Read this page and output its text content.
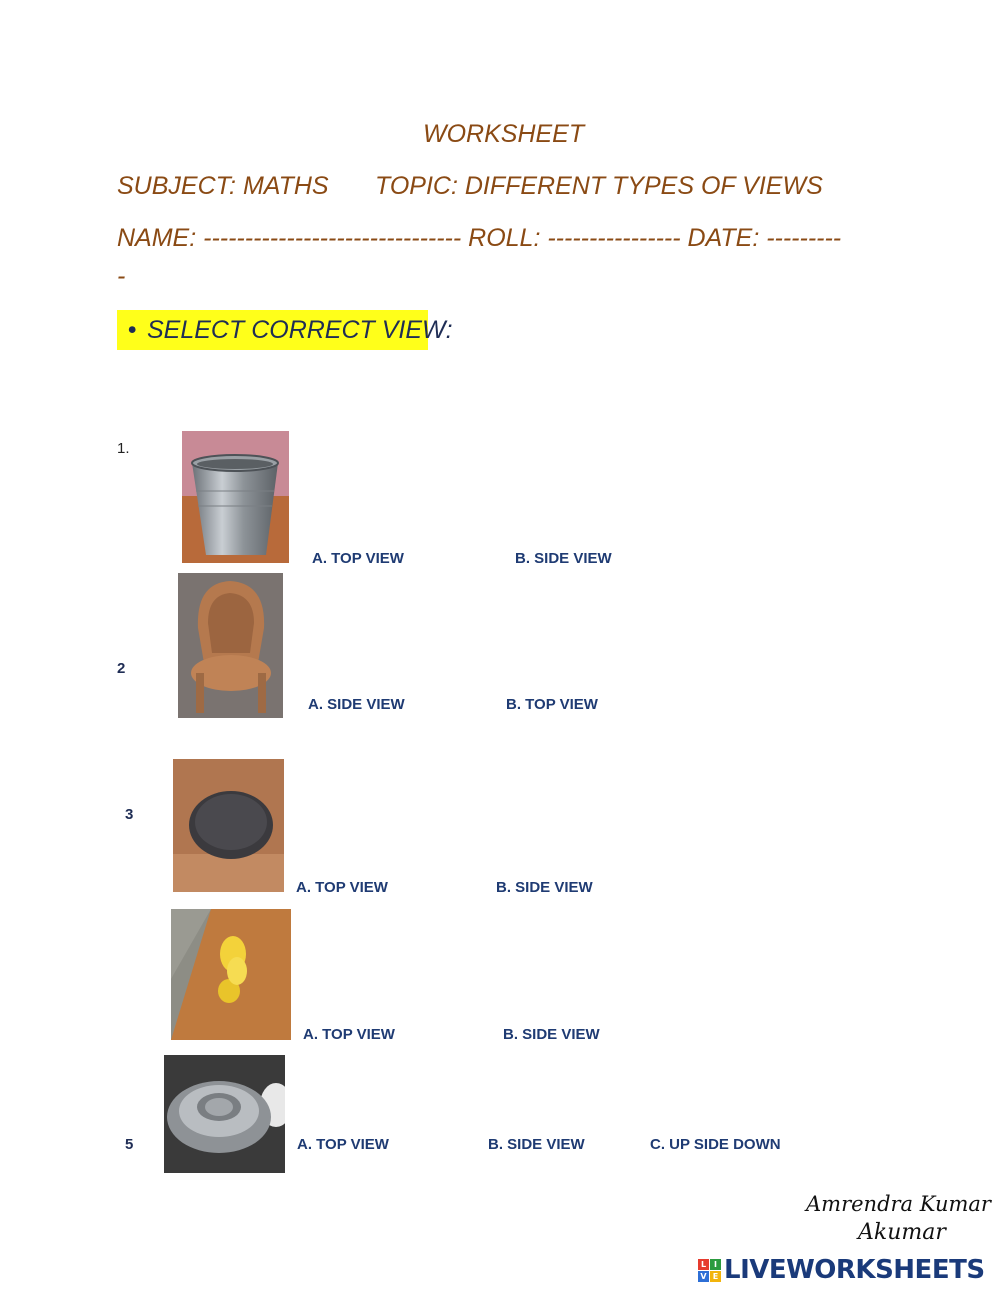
WORKSHEET
SUBJECT: MATHS TOPIC: DIFFERENT TYPES OF VIEWS
NAME: ------------------------------- ROLL: ---------------- DATE: ---------
-
• SELECT CORRECT VIEW:
1.
A. TOP VIEW	B. SIDE VIEW
2
A. SIDE VIEW	B. TOP VIEW
3
A. TOP VIEW	B. SIDE VIEW
A. TOP VIEW	B. SIDE VIEW
5	A. TOP VIEW	B. SIDE VIEW	C. UP SIDE DOWN
Amrendra Kumar
Akumar
L I
V E LIVEWORKSHEETS
